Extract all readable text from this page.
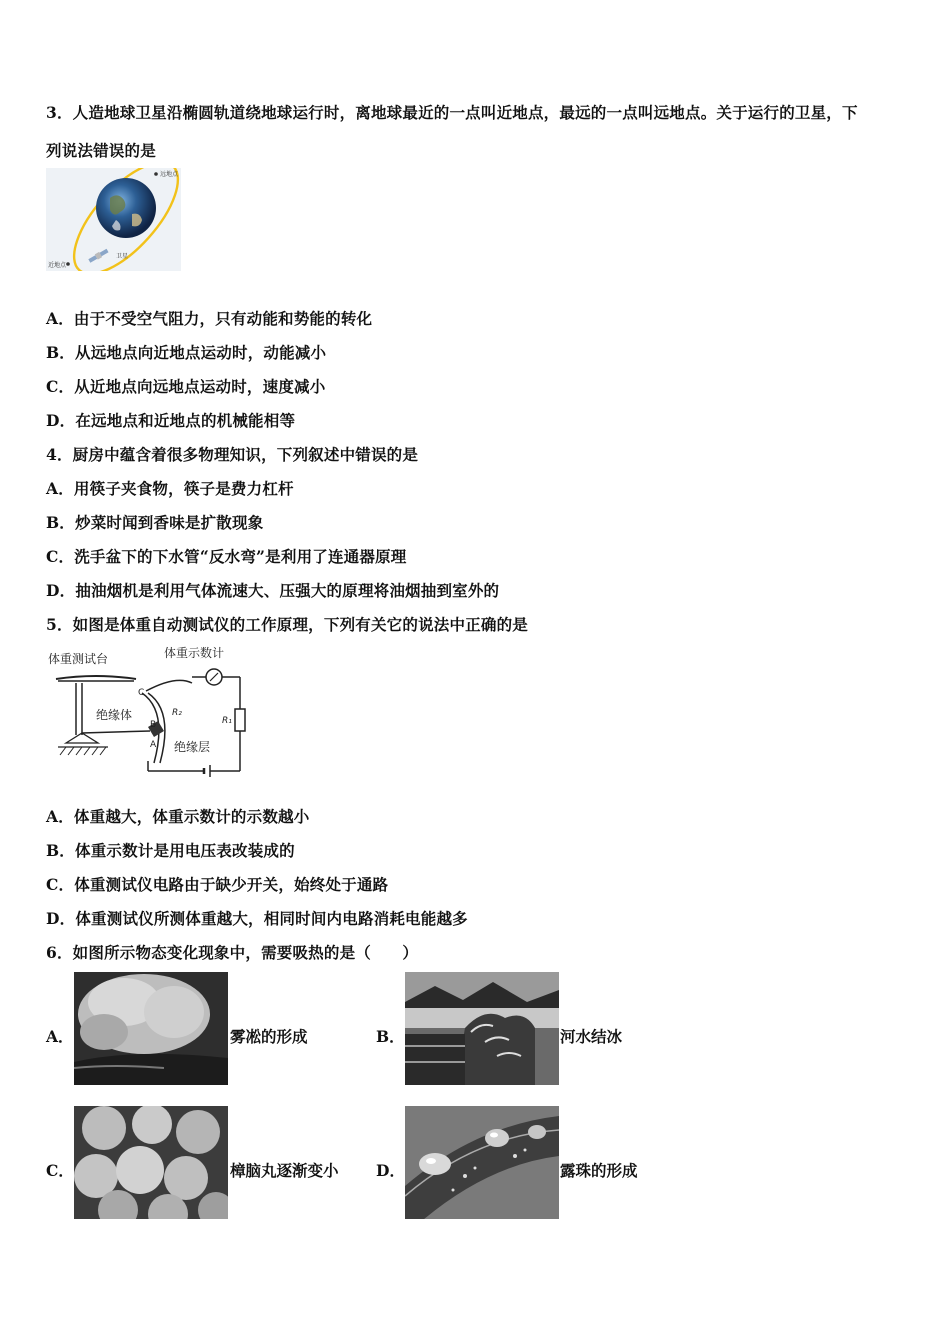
3．人造地球卫星沿椭圆轨道绕地球运行时，离地球最近的一点叫近地点，最远的一点叫远地点。关于运行的卫星，下
列说法错误的是
远地点
近地点
卫星
A．由于不受空气阻力，只有动能和势能的转化
B．从远地点向近地点运动时，动能减小
C．从近地点向远地点运动时，速度减小
D．在远地点和近地点的机械能相等
4．厨房中蕴含着很多物理知识，下列叙述中错误的是
A．用筷子夹食物，筷子是费力杠杆
B．炒菜时闻到香味是扩散现象
C．洗手盆下的下水管“反水弯”是利用了连通器原理
D．抽油烟机是利用气体流速大、压强大的原理将油烟抽到室外的
5．如图是体重自动测试仪的工作原理，下列有关它的说法中正确的是
体重测试台	体重示数计
绝缘体
C
B
A
R₂
绝缘层
R₁
A．体重越大，体重示数计的示数越小
B．体重示数计是用电压表改装成的
C．体重测试仪电路由于缺少开关，始终处于通路
D．体重测试仪所测体重越大，相同时间内电路消耗电能越多
6．如图所示物态变化现象中，需要吸热的是（　　）
A．	雾凇的形成	B．	河水结冰
C．	樟脑丸逐渐变小 D．	露珠的形成
